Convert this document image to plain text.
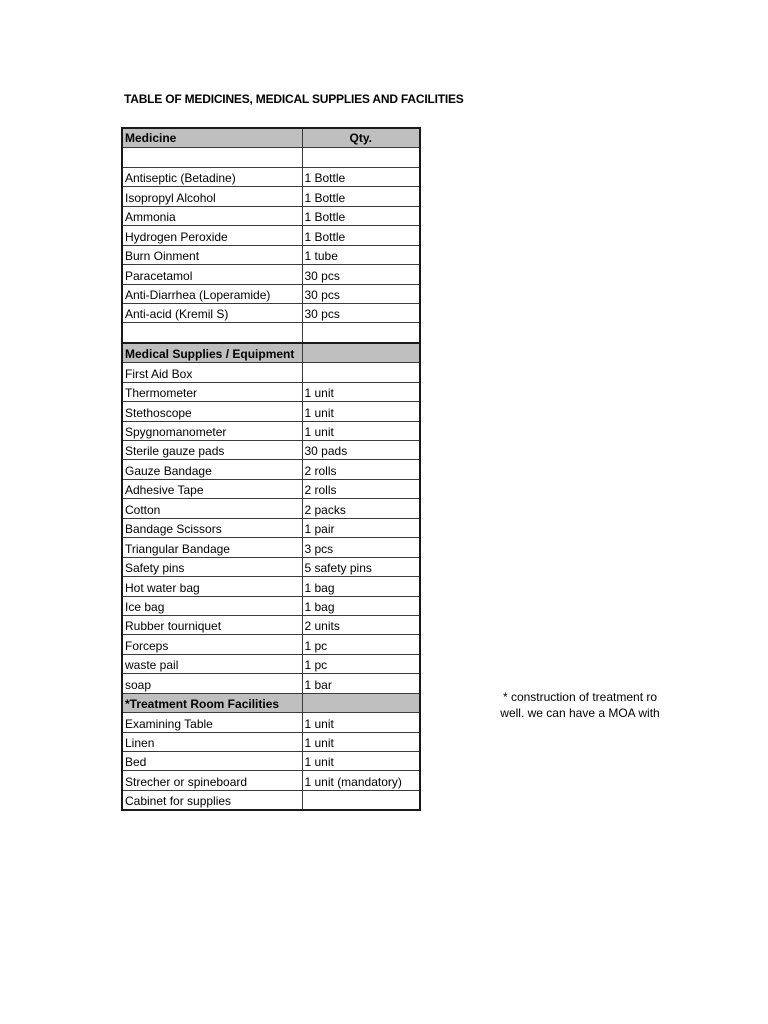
TABLE OF MEDICINES, MEDICAL SUPPLIES AND FACILITIES
Medicine	Qty.

Antiseptic (Betadine)	1 Bottle
Isopropyl Alcohol	1 Bottle
Ammonia	1 Bottle
Hydrogen Peroxide	1 Bottle
Burn Oinment	1 tube
Paracetamol	30 pcs
Anti-Diarrhea (Loperamide)	30 pcs
Anti-acid (Kremil S)	30 pcs

Medical Supplies / Equipment	
First Aid Box	
Thermometer	1 unit
Stethoscope	1 unit
Spygnomanometer	1 unit
Sterile gauze pads	30 pads
Gauze Bandage	2 rolls
Adhesive Tape	2 rolls
Cotton	2 packs
Bandage Scissors	1 pair
Triangular Bandage	3 pcs
Safety pins	5 safety pins
Hot water bag	1 bag
Ice bag	1 bag
Rubber tourniquet	2 units
Forceps	1 pc
waste pail	1 pc
soap	1 bar
*Treatment Room Facilities	
Examining Table	1 unit
Linen	1 unit
Bed	1 unit
Strecher or spineboard	1 unit (mandatory)
Cabinet for supplies	
* construction of treatment ro
well. we can have a MOA with
